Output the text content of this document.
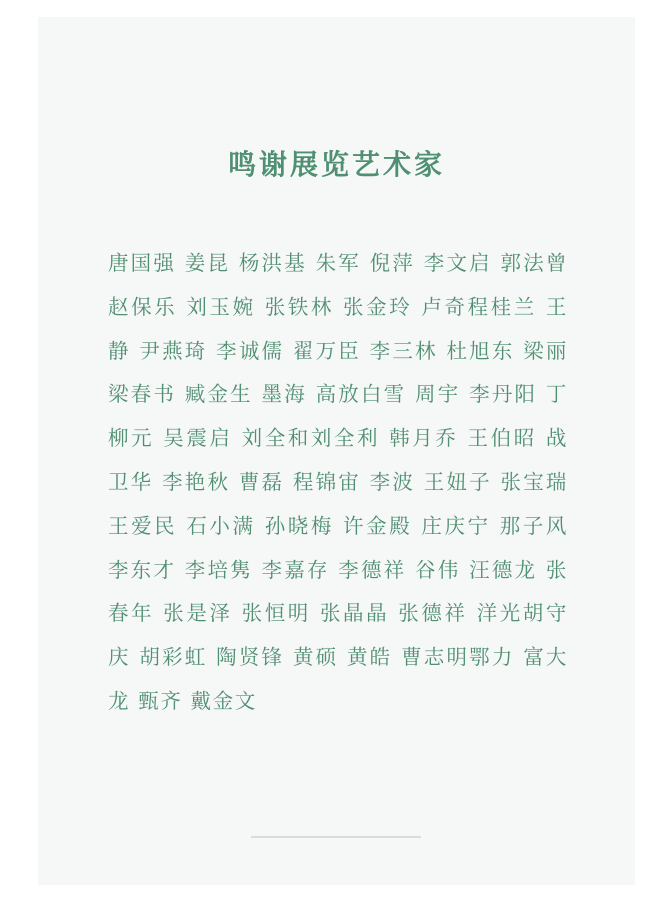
鸣谢展览艺术家

唐国强 姜昆 杨洪基 朱军 倪萍 李文启 郭法曾 赵保乐 刘玉婉 张铁林 张金玲 卢奇程桂兰 王静 尹燕琦 李诚儒 翟万臣 李三林 杜旭东 梁丽 梁春书 臧金生 墨海 高放白雪 周宇 李丹阳 丁柳元 吴震启 刘全和刘全利 韩月乔 王伯昭 战卫华 李艳秋 曹磊 程锦宙 李波 王妞子 张宝瑞 王爱民 石小满 孙晓梅 许金殿 庄庆宁 那子风 李东才 李培隽 李嘉存 李德祥 谷伟 汪德龙 张春年 张是泽 张恒明 张晶晶 张德祥 洋光胡守庆 胡彩虹 陶贤锋 黄硕 黄皓 曹志明鄂力 富大龙 甄齐 戴金文
